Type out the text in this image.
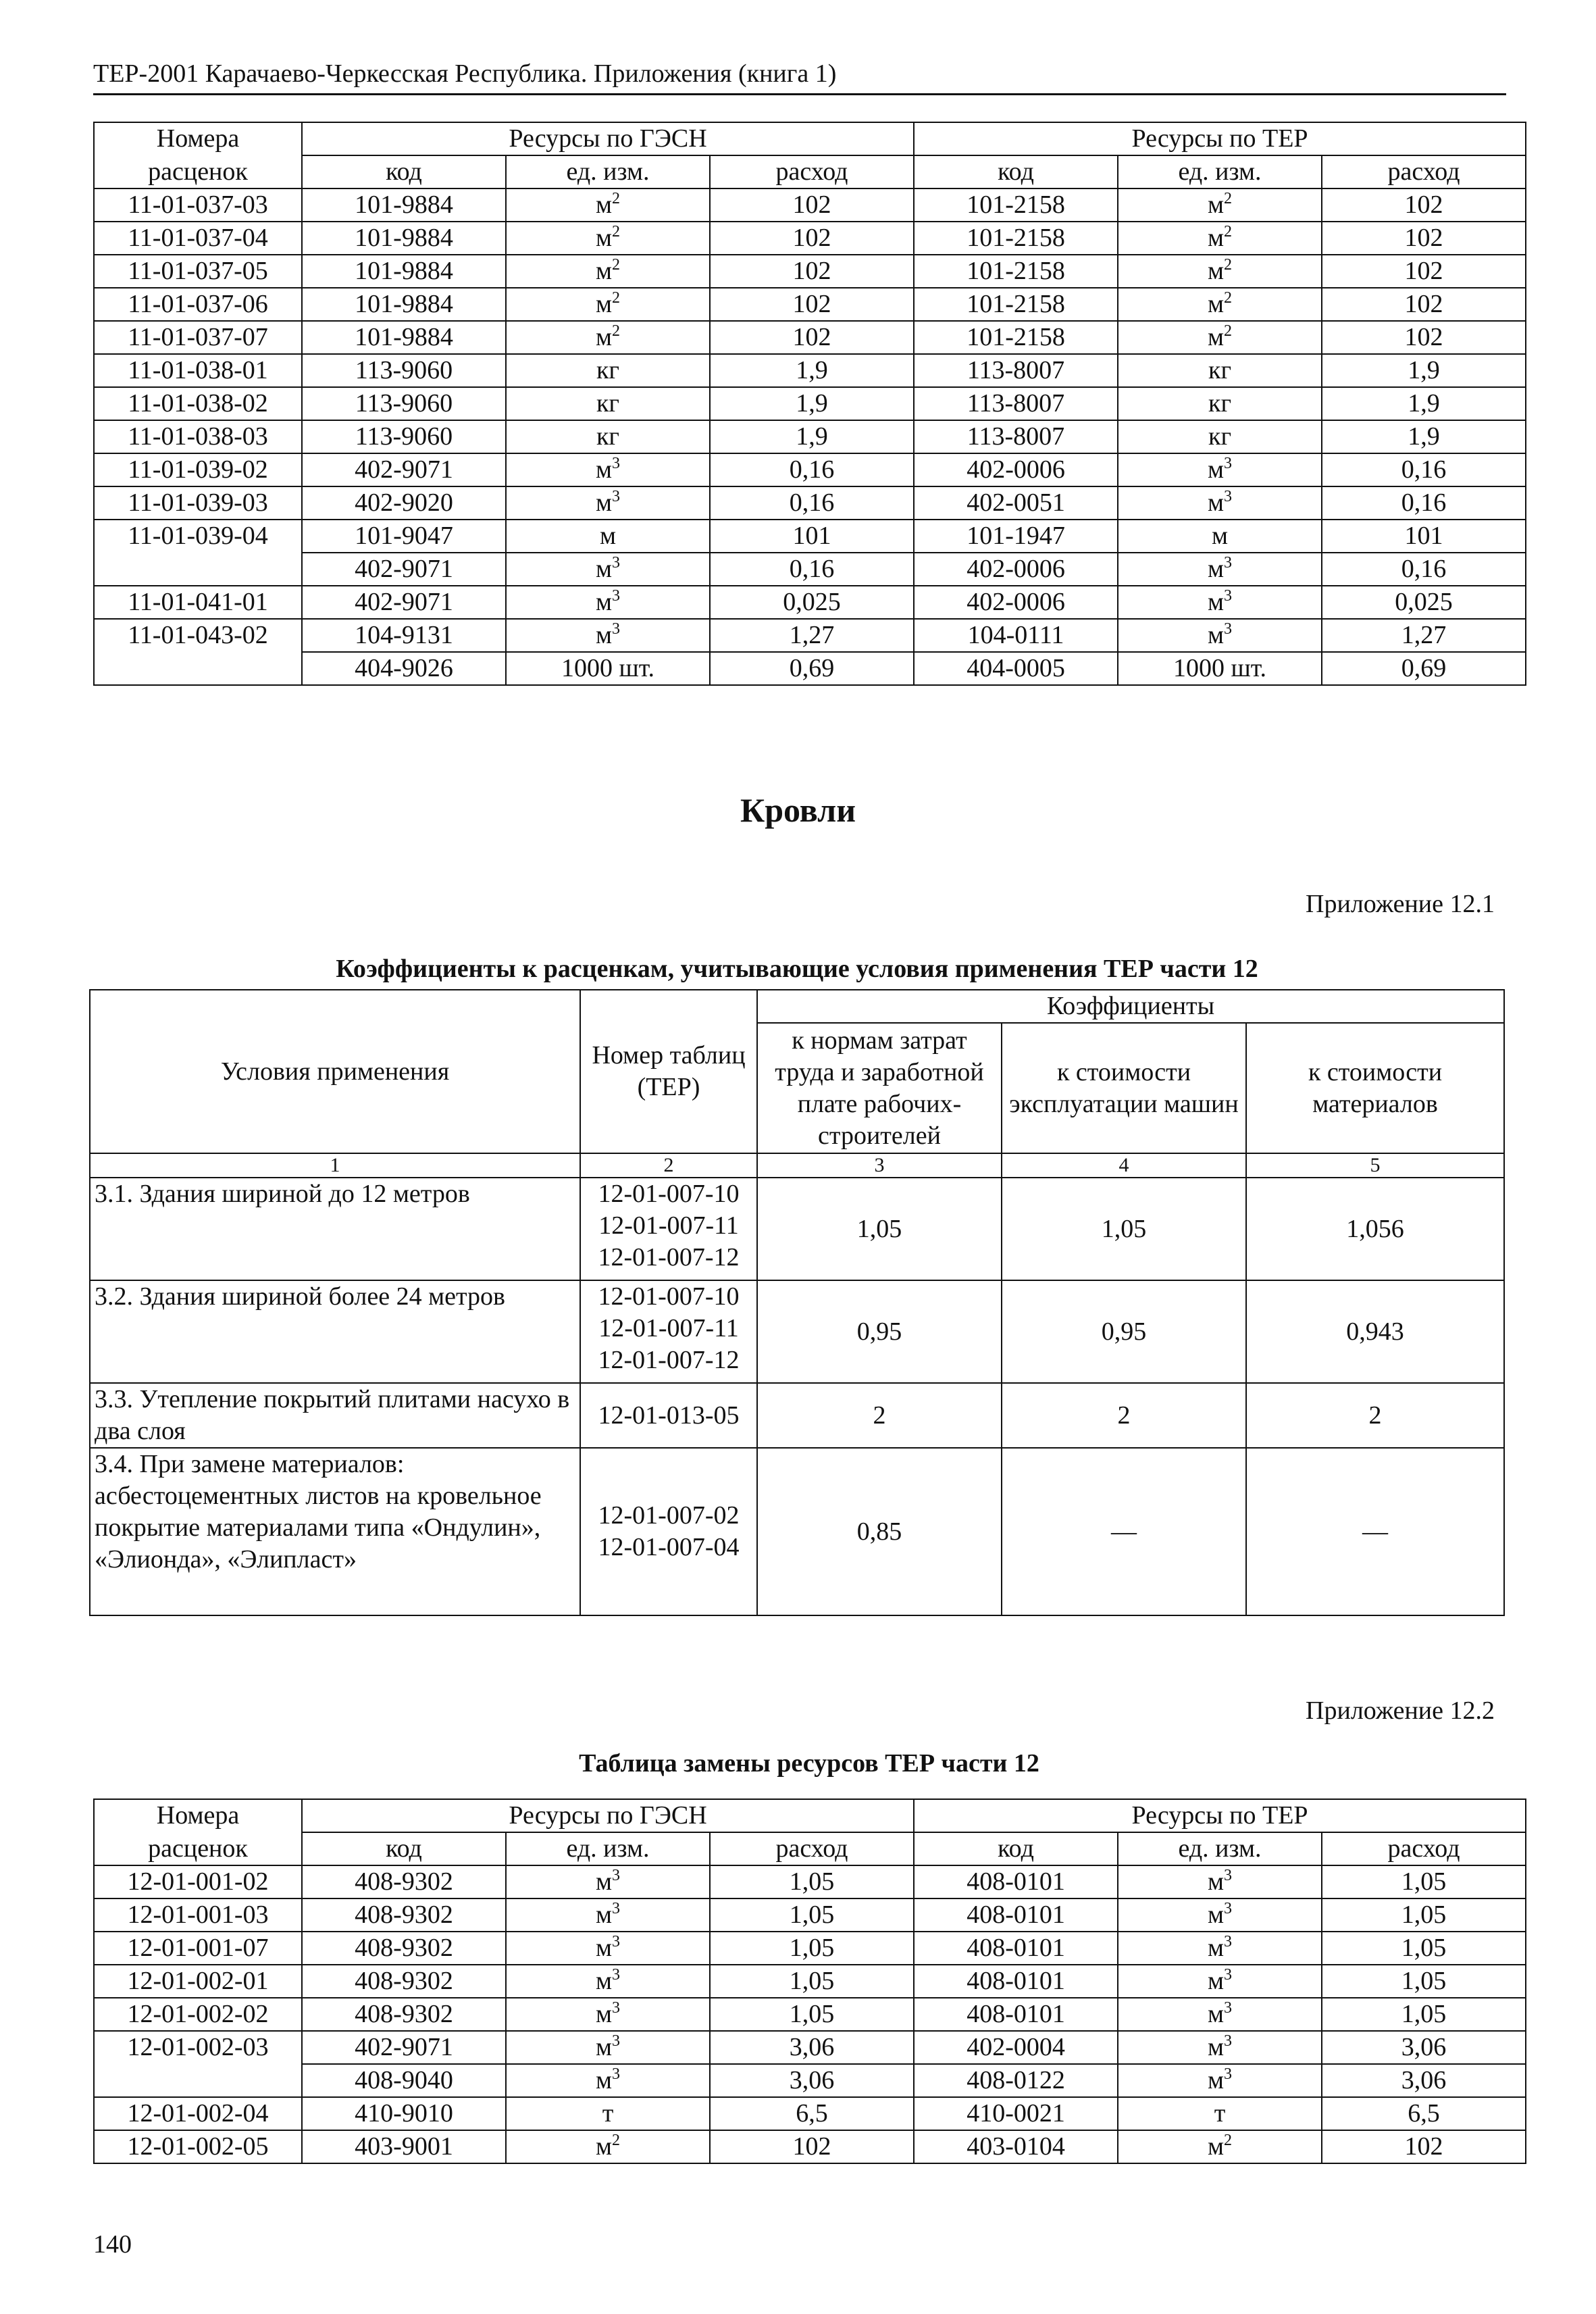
ТЕР-2001 Карачаево-Черкесская Республика. Приложения (книга 1)
Номера	Ресурсы по ГЭСН			Ресурсы по ТЕР		
расценок	код	ед. изм.	расход	код	ед. изм.	расход
11-01-037-03	101-9884	$м^2$	102	101-2158	$м^2$	102
11-01-037-04	101-9884	$м^2$	102	101-2158	$м^2$	102
11-01-037-05	101-9884	$м^2$	102	101-2158	$м^2$	102
11-01-037-06	101-9884	$м^2$	102	101-2158	$м^2$	102
11-01-037-07	101-9884	$м^2$	102	101-2158	$м^2$	102
11-01-038-01	113-9060	кг	1,9	113-8007	кг	1,9
11-01-038-02	113-9060	кг	1,9	113-8007	кг	1,9
11-01-038-03	113-9060	кг	1,9	113-8007	кг	1,9
11-01-039-02	402-9071	$м^3$	0,16	402-0006	$м^3$	0,16
11-01-039-03	402-9020	$м^3$	0,16	402-0051	$м^3$	0,16
11-01-039-04	101-9047	м	101	101-1947	м	101
	402-9071	$м^3$	0,16	402-0006	$м^3$	0,16
11-01-041-01	402-9071	$м^3$	0,025	402-0006	$м^3$	0,025
11-01-043-02	104-9131	$м^3$	1,27	104-0111	$м^3$	1,27
	404-9026	1000 шт.	0,69	404-0005	1000 шт.	0,69
Кровли
Приложение 12.1
Коэффициенты к расценкам, учитывающие условия применения ТЕР части 12
Условия применения	Номер таблиц (ТЕР)	Коэффициенты		
		к нормам затрат труда и заработной плате рабочих-строителей	к стоимости эксплуатации машин	к стоимости материалов
1	2	3	4	5
3.1. Здания шириной до 12 метров	12-01-007-10
12-01-007-11
12-01-007-12	1,05	1,05	1,056
3.2. Здания шириной более 24 метров	12-01-007-10
12-01-007-11
12-01-007-12	0,95	0,95	0,943
3.3. Утепление покрытий плитами насухо в два слоя	12-01-013-05	2	2	2
3.4. При замене материалов: асбестоцементных листов на кровельное покрытие материалами типа «Ондулин», «Элионда», «Элипласт»	12-01-007-02
12-01-007-04	0,85	—	—
Приложение 12.2
Таблица замены ресурсов ТЕР части 12
Номера	Ресурсы по ГЭСН			Ресурсы по ТЕР		
расценок	код	ед. изм.	расход	код	ед. изм.	расход
12-01-001-02	408-9302	$м^3$	1,05	408-0101	$м^3$	1,05
12-01-001-03	408-9302	$м^3$	1,05	408-0101	$м^3$	1,05
12-01-001-07	408-9302	$м^3$	1,05	408-0101	$м^3$	1,05
12-01-002-01	408-9302	$м^3$	1,05	408-0101	$м^3$	1,05
12-01-002-02	408-9302	$м^3$	1,05	408-0101	$м^3$	1,05
12-01-002-03	402-9071	$м^3$	3,06	402-0004	$м^3$	3,06
	408-9040	$м^3$	3,06	408-0122	$м^3$	3,06
12-01-002-04	410-9010	т	6,5	410-0021	т	6,5
12-01-002-05	403-9001	$м^2$	102	403-0104	$м^2$	102
140
